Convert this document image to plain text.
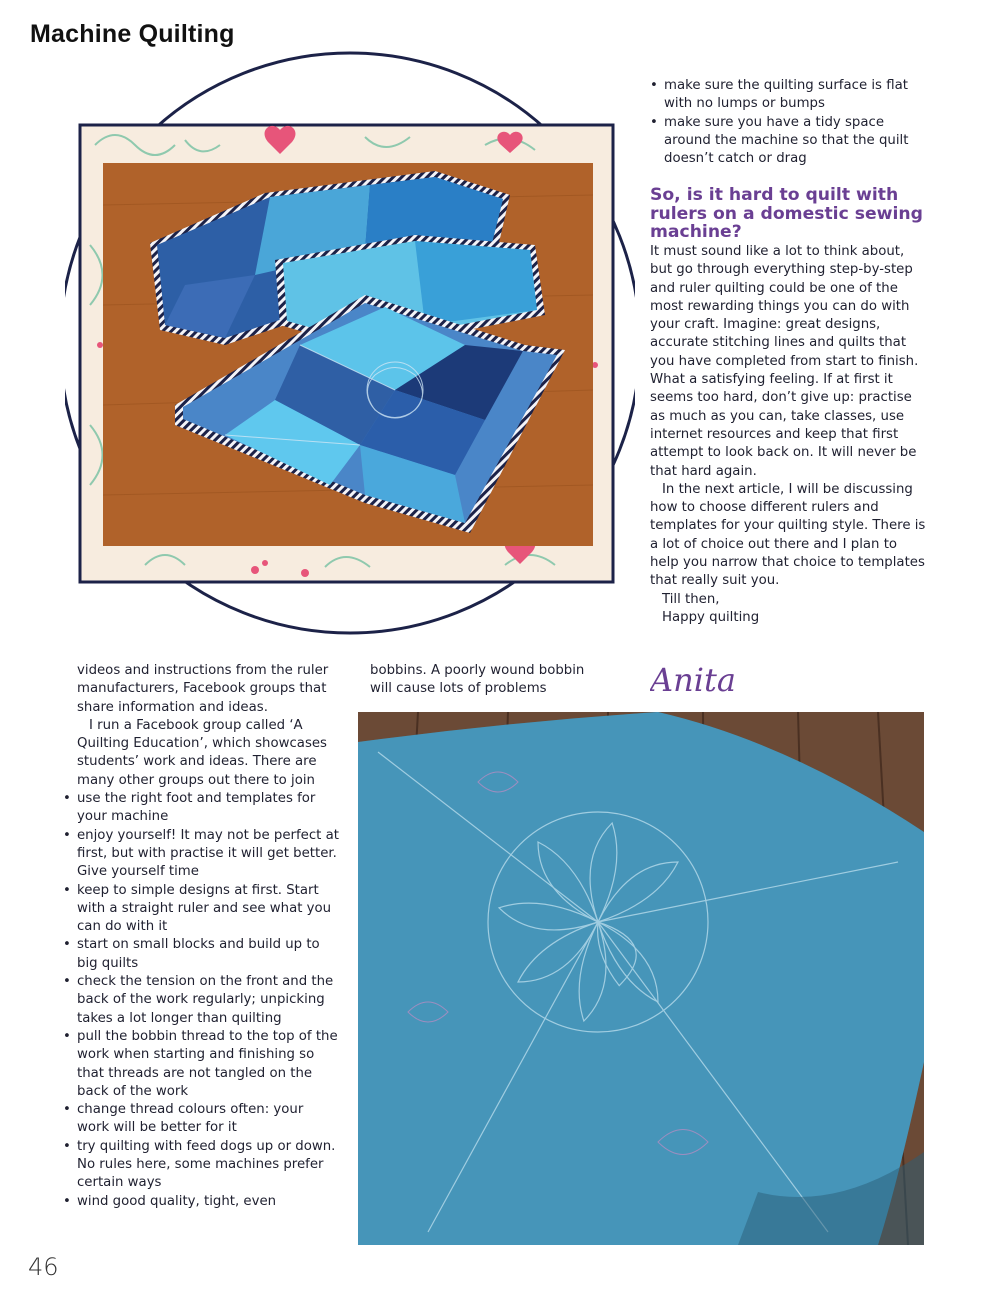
Machine Quilting
• make sure the quilting surface is flat with no lumps or bumps
• make sure you have a tidy space around the machine so that the quilt doesn’t catch or drag

So, is it hard to quilt with rulers on a domestic sewing machine?

It must sound like a lot to think about, but go through everything step-by-step and ruler quilting could be one of the most rewarding things you can do with your craft. Imagine: great designs, accurate stitching lines and quilts that you have completed from start to finish. What a satisfying feeling. If at first it seems too hard, don’t give up: practise as much as you can, take classes, use internet resources and keep that first attempt to look back on. It will never be that hard again.

In the next article, I will be discussing how to choose different rulers and templates for your quilting style. There is a lot of choice out there and I plan to help you narrow that choice to templates that really suit you.

Till then,

Happy quilting

Anita

videos and instructions from the ruler manufacturers, Facebook groups that share information and ideas.

I run a Facebook group called ‘A Quilting Education’, which showcases students’ work and ideas. There are many other groups out there to join

• use the right foot and templates for your machine
• enjoy yourself! It may not be perfect at first, but with practise it will get better. Give yourself time
• keep to simple designs at first. Start with a straight ruler and see what you can do with it
• start on small blocks and build up to big quilts
• check the tension on the front and the back of the work regularly; unpicking takes a lot longer than quilting
• pull the bobbin thread to the top of the work when starting and finishing so that threads are not tangled on the back of the work
• change thread colours often: your work will be better for it
• try quilting with feed dogs up or down. No rules here, some machines prefer certain ways
• wind good quality, tight, even

bobbins. A poorly wound bobbin will cause lots of problems

46
